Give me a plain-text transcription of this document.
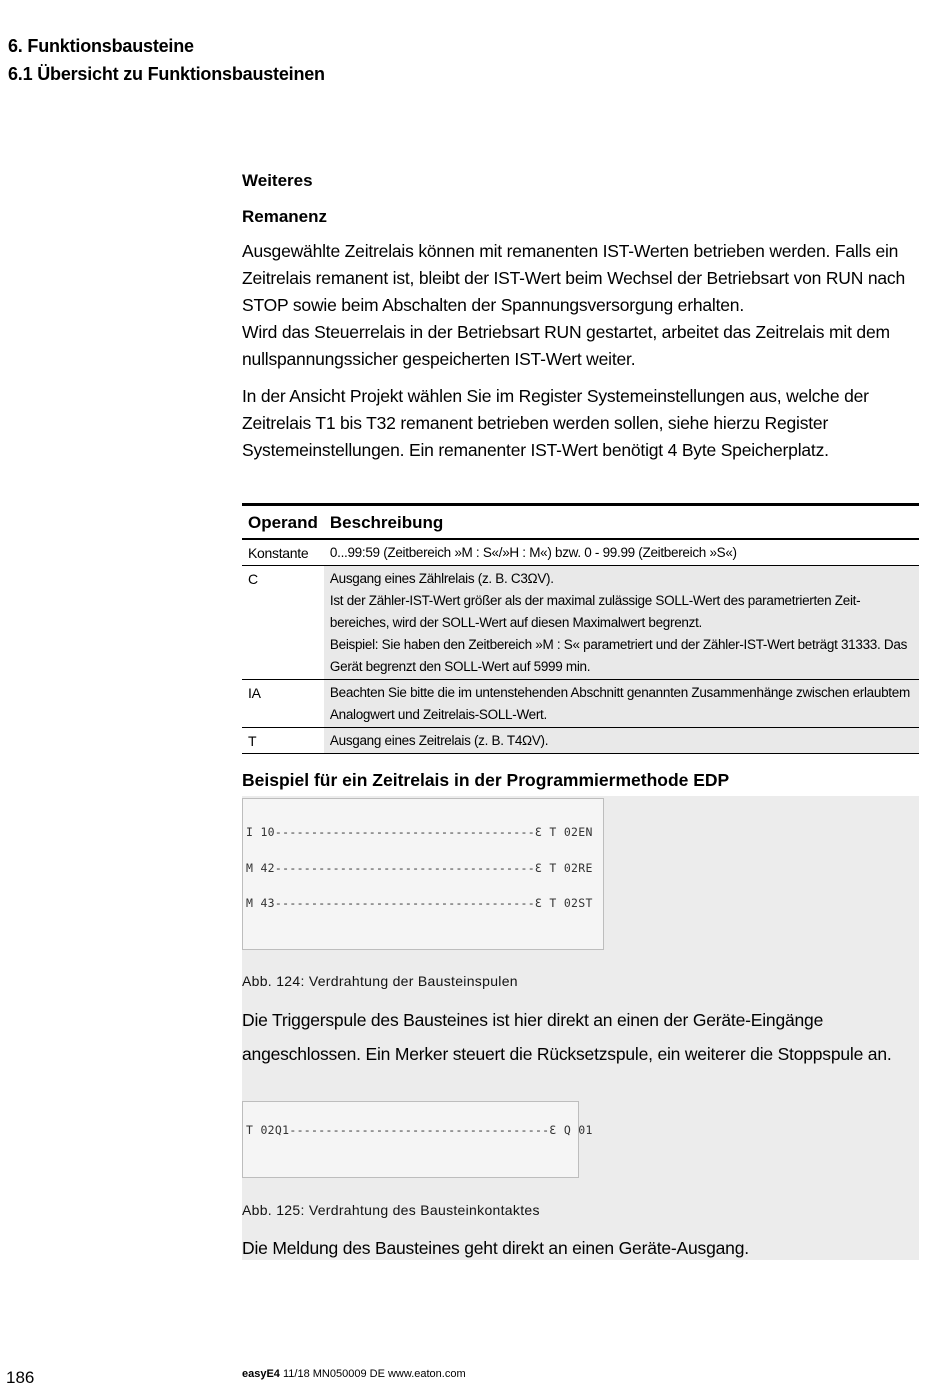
6. Funktionsbausteine
6.1 Übersicht zu Funktionsbausteinen

Weiteres

Remanenz

Ausgewählte Zeitrelais können mit remanenten IST-Werten betrieben werden. Falls ein Zeitrelais remanent ist, bleibt der IST-Wert beim Wechsel der Betriebsart von RUN nach STOP sowie beim Abschalten der Spannungsversorgung erhalten.

Wird das Steuerrelais in der Betriebsart RUN gestartet, arbeitet das Zeitrelais mit dem nullspannungssicher gespeicherten IST-Wert weiter.

In der Ansicht Projekt wählen Sie im Register Systemeinstellungen aus, welche der Zeitrelais T1 bis T32 remanent betrieben werden sollen, siehe hierzu Register Systemeinstellungen. Ein remanenter IST-Wert benötigt 4 Byte Speicherplatz.

Operand	Beschreibung
Konstante	0...99:59 (Zeitbereich »M : S«/»H : M«) bzw. 0 - 99.99 (Zeitbereich »S«)

C	Ausgang eines Zählrelais (z. B. C3ΩV).
Ist der Zähler-IST-Wert größer als der maximal zulässige SOLL-Wert des parametrierten Zeit-
bereiches, wird der SOLL-Wert auf diesen Maximalwert begrenzt.
Beispiel: Sie haben den Zeitbereich »M : S« parametriert und der Zähler-IST-Wert beträgt 31333. Das
Gerät begrenzt den SOLL-Wert auf 5999 min.

IA	Beachten Sie bitte die im untenstehenden Abschnitt genannten Zusammenhänge zwischen erlaubtem
Analogwert und Zeitrelais-SOLL-Wert.

T	Ausgang eines Zeitrelais (z. B. T4ΩV).
Beispiel für ein Zeitrelais in der Programmiermethode EDP
I 10------------------------------------Ɛ T 02EN
M 42------------------------------------Ɛ T 02RE
M 43------------------------------------Ɛ T 02ST
Abb. 124: Verdrahtung der Bausteinspulen
Die Triggerspule des Bausteines ist hier direkt an einen der Geräte-Eingänge angeschlossen. Ein Merker steuert die Rücksetzspule, ein weiterer die Stoppspule an.
T 02Q1------------------------------------Ɛ Q 01
Abb. 125: Verdrahtung des Bausteinkontaktes
Die Meldung des Bausteines geht direkt an einen Geräte-Ausgang.
186	easyE4 11/18 MN050009 DE www.eaton.com
